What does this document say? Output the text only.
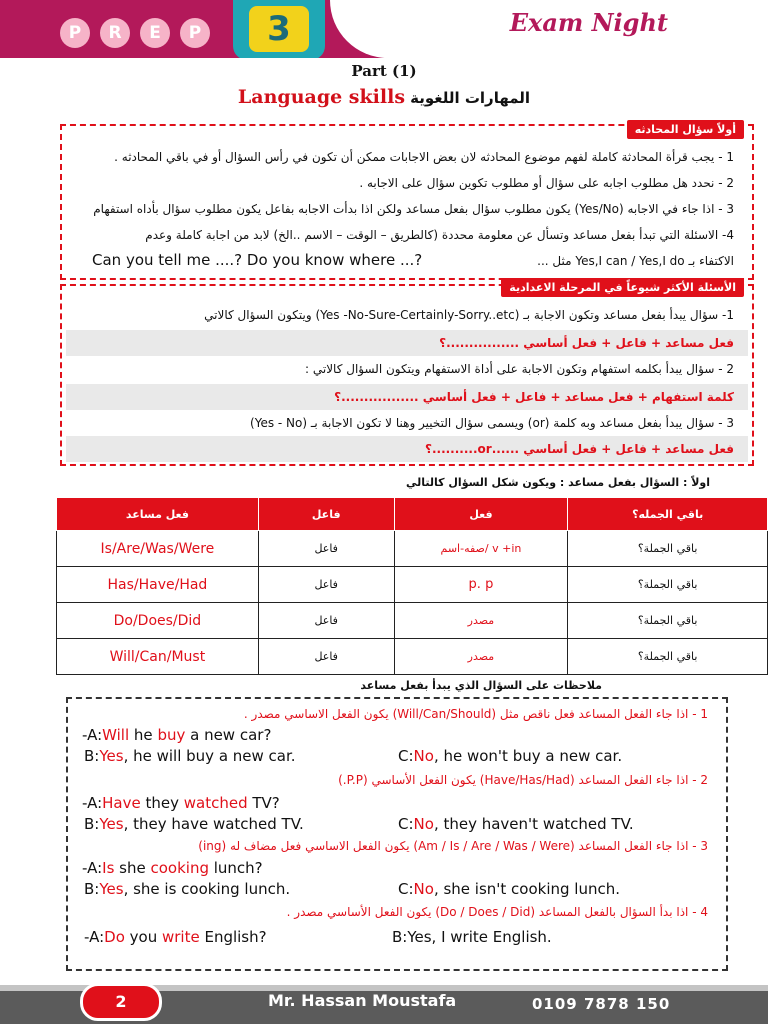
P	R	E	P	3	Exam Night
Part (1)
Language skills المهارات اللغوية
أولاً سؤال المحادثه
1 - يجب قرأة المحادثة كاملة لفهم موضوع المحادثه لان بعض الاجابات ممكن أن تكون في رأس السؤال أو في باقي المحادثه .
2 - نحدد هل مطلوب اجابه على سؤال أو مطلوب تكوين سؤال على الاجابه .
3 - اذا جاء في الاجابه (Yes/No) يكون مطلوب سؤال بفعل مساعد ولكن اذا بدأت الاجابه بفاعل يكون مطلوب سؤال بأداه استفهام
4- الاسئلة التي تبدأ بفعل مساعد وتسأل عن معلومة محددة (كالطريق – الوقت – الاسم ..الخ) لابد من اجابة كاملة وعدم
الاكتفاء بـ Yes,I can / Yes,I do مثل ...
Can you tell me ....? Do you know where ...?
الأسئلة الأكثر شيوعاً في المرحلة الاعدادية
1- سؤال يبدأ بفعل مساعد وتكون الاجابة بـ (Yes -No-Sure-Certainly-Sorry..etc) ويتكون السؤال كالاتي
فعل مساعد + فاعل + فعل أساسي ................؟
2 - سؤال يبدأ بكلمه استفهام وتكون الاجابة على أداة الاستفهام ويتكون السؤال كالاتي :
كلمة استفهام + فعل مساعد + فاعل + فعل أساسي .................؟
3 - سؤال يبدأ بفعل مساعد وبه كلمة (or) ويسمى سؤال التخيير وهنا لا تكون الاجابة بـ (Yes - No)
فعل مساعد + فاعل + فعل أساسي ......or..........؟
اولاً : السؤال بفعل مساعد : ويكون شكل السؤال كالتالي
فعل مساعد	فاعل	فعل	باقي الجمله؟
Is/Are/Was/Were	فاعل	صفه-اسم/ v +in	باقي الجملة؟
Has/Have/Had	فاعل	p. p	باقي الجملة؟
Do/Does/Did	فاعل	مصدر	باقي الجملة؟
Will/Can/Must	فاعل	مصدر	باقي الجملة؟
ملاحظات على السؤال الذي يبدأ بفعل مساعد
1 - اذا جاء الفعل المساعد فعل ناقص مثل (Will/Can/Should) يكون الفعل الاساسي مصدر .
-A:Will he buy a new car?
B:Yes, he will buy a new car.	C:No, he won't buy a new car.
2 - اذا جاء الفعل المساعد (Have/Has/Had) يكون الفعل الأساسي (P.P.)
-A:Have they watched TV?
B:Yes, they have watched TV.	C:No, they haven't watched TV.
3 - اذا جاء الفعل المساعد (Am / Is / Are / Was / Were) يكون الفعل الاساسي فعل مضاف له (ing)
-A:Is she cooking lunch?
B:Yes, she is cooking lunch.	C:No, she isn't cooking lunch.
4 - اذا بدأ السؤال بالفعل المساعد (Do / Does / Did) يكون الفعل الأساسي مصدر .
-A:Do you write English?	B:Yes, I write English.
2	Mr. Hassan Moustafa	0109 7878 150
